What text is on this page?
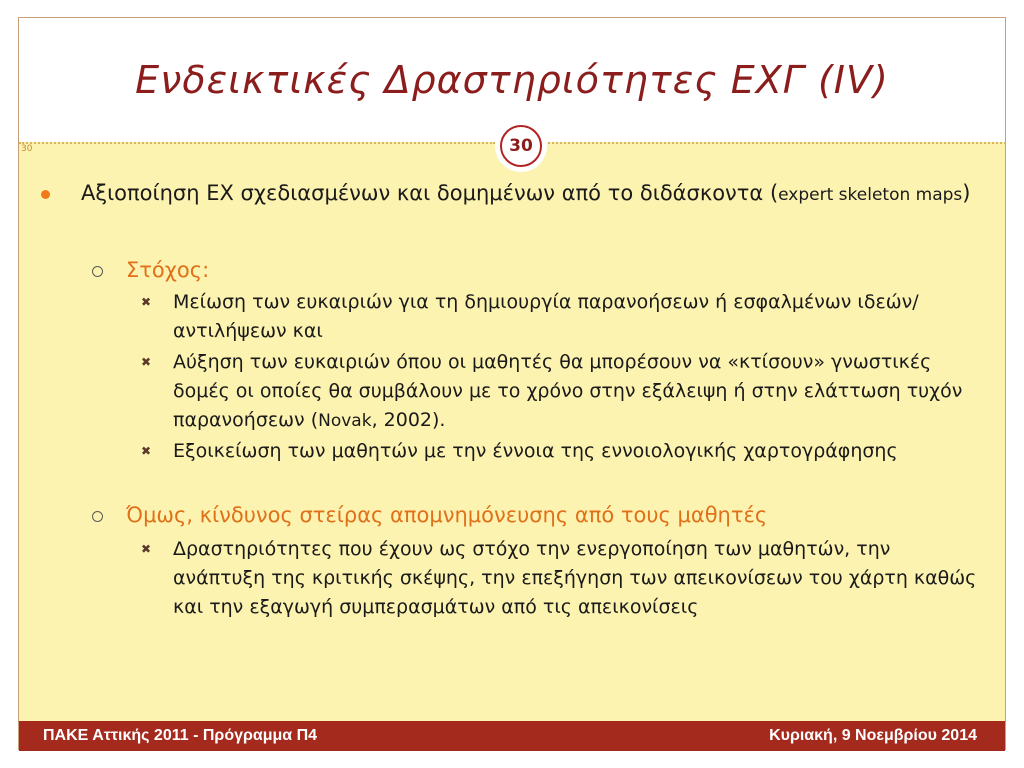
Ενδεικτικές Δραστηριότητες ΕΧΓ (IV)
30	30
Αξιοποίηση ΕΧ σχεδιασμένων και δομημένων από το διδάσκοντα (expert skeleton maps)
Στόχος:
✖ Μείωση των ευκαιριών για τη δημιουργία παρανοήσεων ή εσφαλμένων ιδεών/αντιλήψεων και
✖ Αύξηση των ευκαιριών όπου οι μαθητές θα μπορέσουν να «κτίσουν» γνωστικές δομές οι οποίες θα συμβάλουν με το χρόνο στην εξάλειψη ή στην ελάττωση τυχόν παρανοήσεων (Novak, 2002).
✖ Εξοικείωση των μαθητών με την έννοια της εννοιολογικής χαρτογράφησης
Όμως, κίνδυνος στείρας απομνημόνευσης από τους μαθητές
✖ Δραστηριότητες που έχουν ως στόχο την ενεργοποίηση των μαθητών, την ανάπτυξη της κριτικής σκέψης, την επεξήγηση των απεικονίσεων του χάρτη καθώς και την εξαγωγή συμπερασμάτων από τις απεικονίσεις
ΠΑΚΕ Αττικής 2011 - Πρόγραμμα Π4	Κυριακή, 9 Νοεμβρίου 2014
